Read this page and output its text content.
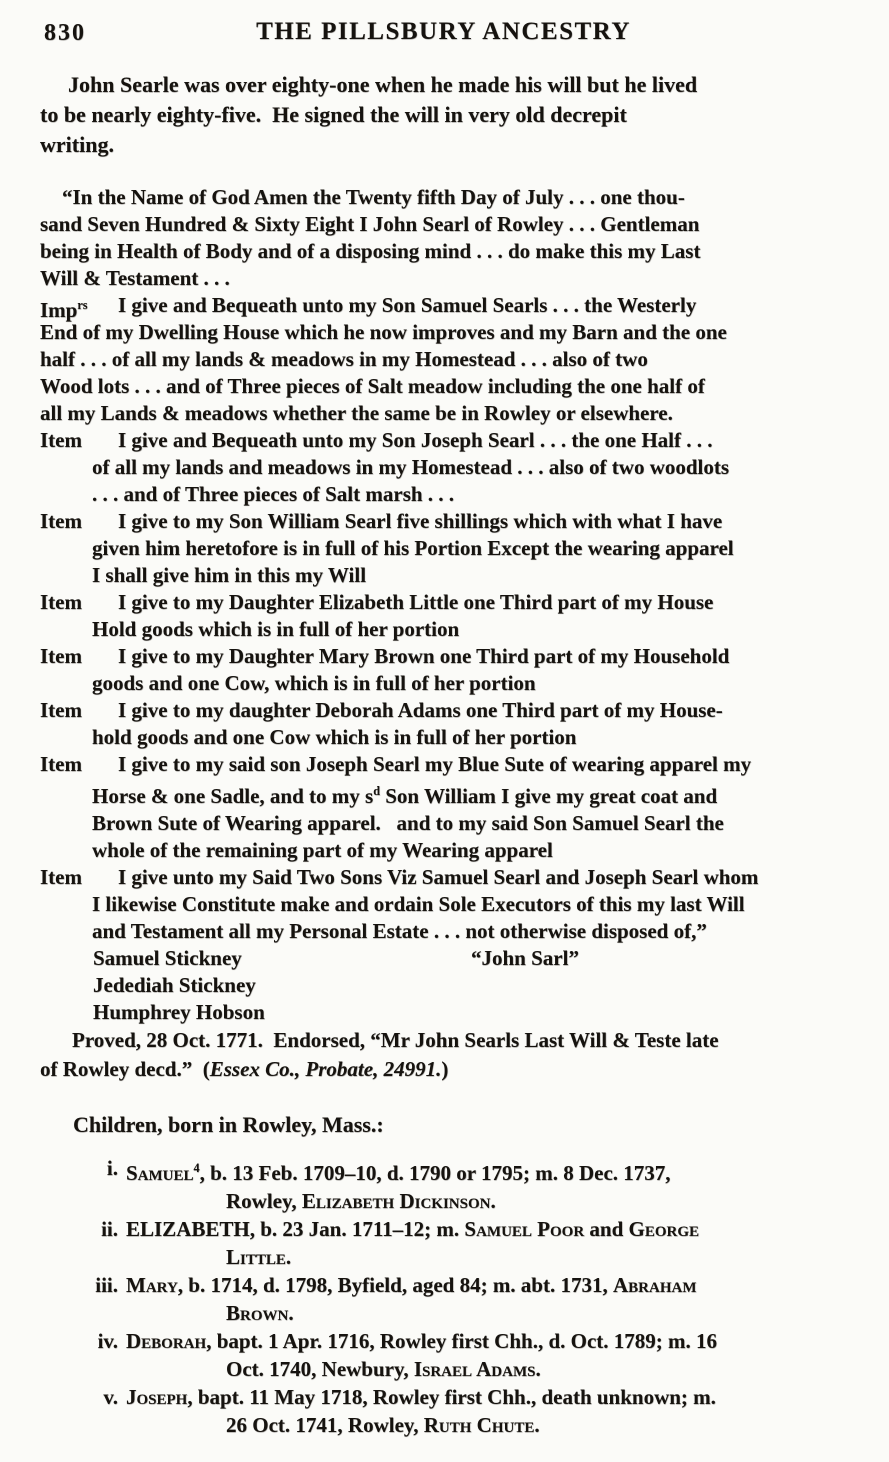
830	THE PILLSBURY ANCESTRY

John Searle was over eighty-one when he made his will but he lived
to be nearly eighty-five.  He signed the will in very old decrepit
writing.

“In the Name of God Amen the Twenty fifth Day of July . . . one thou-
sand Seven Hundred & Sixty Eight I John Searl of Rowley . . . Gentleman
being in Health of Body and of a disposing mind . . . do make this my Last
Will & Testament . . .

Imp$^{rs}$ I give and Bequeath unto my Son Samuel Searls . . . the Westerly
End of my Dwelling House which he now improves and my Barn and the one
half . . . of all my lands & meadows in my Homestead . . . also of two
Wood lots . . . and of Three pieces of Salt meadow including the one half of
all my Lands & meadows whether the same be in Rowley or elsewhere.

Item I give and Bequeath unto my Son Joseph Searl . . . the one Half . . .
of all my lands and meadows in my Homestead . . . also of two woodlots
. . . and of Three pieces of Salt marsh . . .

Item I give to my Son William Searl five shillings which with what I have
given him heretofore is in full of his Portion Except the wearing apparel
I shall give him in this my Will

Item I give to my Daughter Elizabeth Little one Third part of my House
Hold goods which is in full of her portion

Item I give to my Daughter Mary Brown one Third part of my Household
goods and one Cow, which is in full of her portion

Item I give to my daughter Deborah Adams one Third part of my House-
hold goods and one Cow which is in full of her portion

Item I give to my said son Joseph Searl my Blue Sute of wearing apparel my
Horse & one Sadle, and to my $s^d$ Son William I give my great coat and
Brown Sute of Wearing apparel.   and to my said Son Samuel Searl the
whole of the remaining part of my Wearing apparel

Item I give unto my Said Two Sons Viz Samuel Searl and Joseph Searl whom
I likewise Constitute make and ordain Sole Executors of this my last Will
and Testament all my Personal Estate . . . not otherwise disposed of,”

Samuel Stickney	“John Sarl”
Jedediah Stickney
Humphrey Hobson

Proved, 28 Oct. 1771.  Endorsed, “Mr John Searls Last Will & Teste late
of Rowley decd.”  (Essex Co., Probate, 24991.)

Children, born in Rowley, Mass.:

i. Samuel$^4$, b. 13 Feb. 1709–10, d. 1790 or 1795; m. 8 Dec. 1737,
Rowley, Elizabeth Dickinson.
ii. ELIZABETH, b. 23 Jan. 1711–12; m. Samuel Poor and George
Little.
iii. Mary, b. 1714, d. 1798, Byfield, aged 84; m. abt. 1731, Abraham
Brown.
iv. Deborah, bapt. 1 Apr. 1716, Rowley first Chh., d. Oct. 1789; m. 16
Oct. 1740, Newbury, Israel Adams.
v. Joseph, bapt. 11 May 1718, Rowley first Chh., death unknown; m.
26 Oct. 1741, Rowley, Ruth Chute.
